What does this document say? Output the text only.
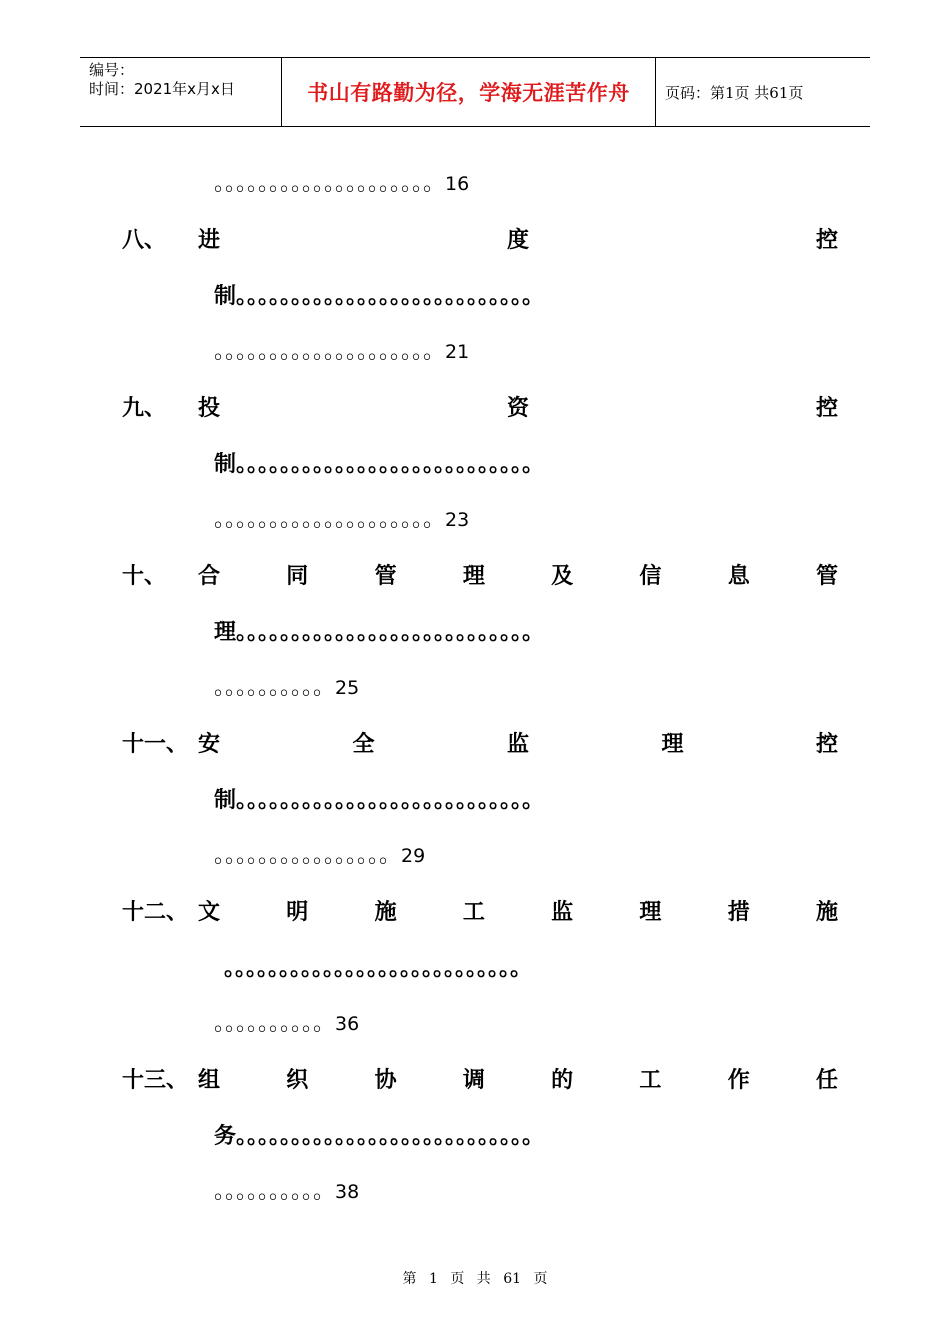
编号：
时间：2021年x月x日	书山有路勤为径，学海无涯苦作舟 页码：第1页 共61页
。。。。。。。。。。。。。。。。。。。。16
八、	进	度	控
制。。。。。。。。。。。。。。。。。。。。。。。。。。。
。。。。。。。。。。。。。。。。。。。。21
九、	投	资	控
制。。。。。。。。。。。。。。。。。。。。。。。。。。。
。。。。。。。。。。。。。。。。。。。。23
十、	合	同	管	理	及	信	息	管
理。。。。。。。。。。。。。。。。。。。。。。。。。。。
。。。。。。。。。。25
十一、 安	全	监	理	控
制。。。。。。。。。。。。。。。。。。。。。。。。。。。
。。。。。。。。。。。。。。。。29
十二、 文	明	施	工	监	理	措	施
。。。。。。。。。。。。。。。。。。。。。。。。。。。
。。。。。。。。。。36
十三、 组	织	协	调	的	工	作	任
务。。。。。。。。。。。。。。。。。。。。。。。。。。。
。。。。。。。。。。38
第 1 页 共 61 页
